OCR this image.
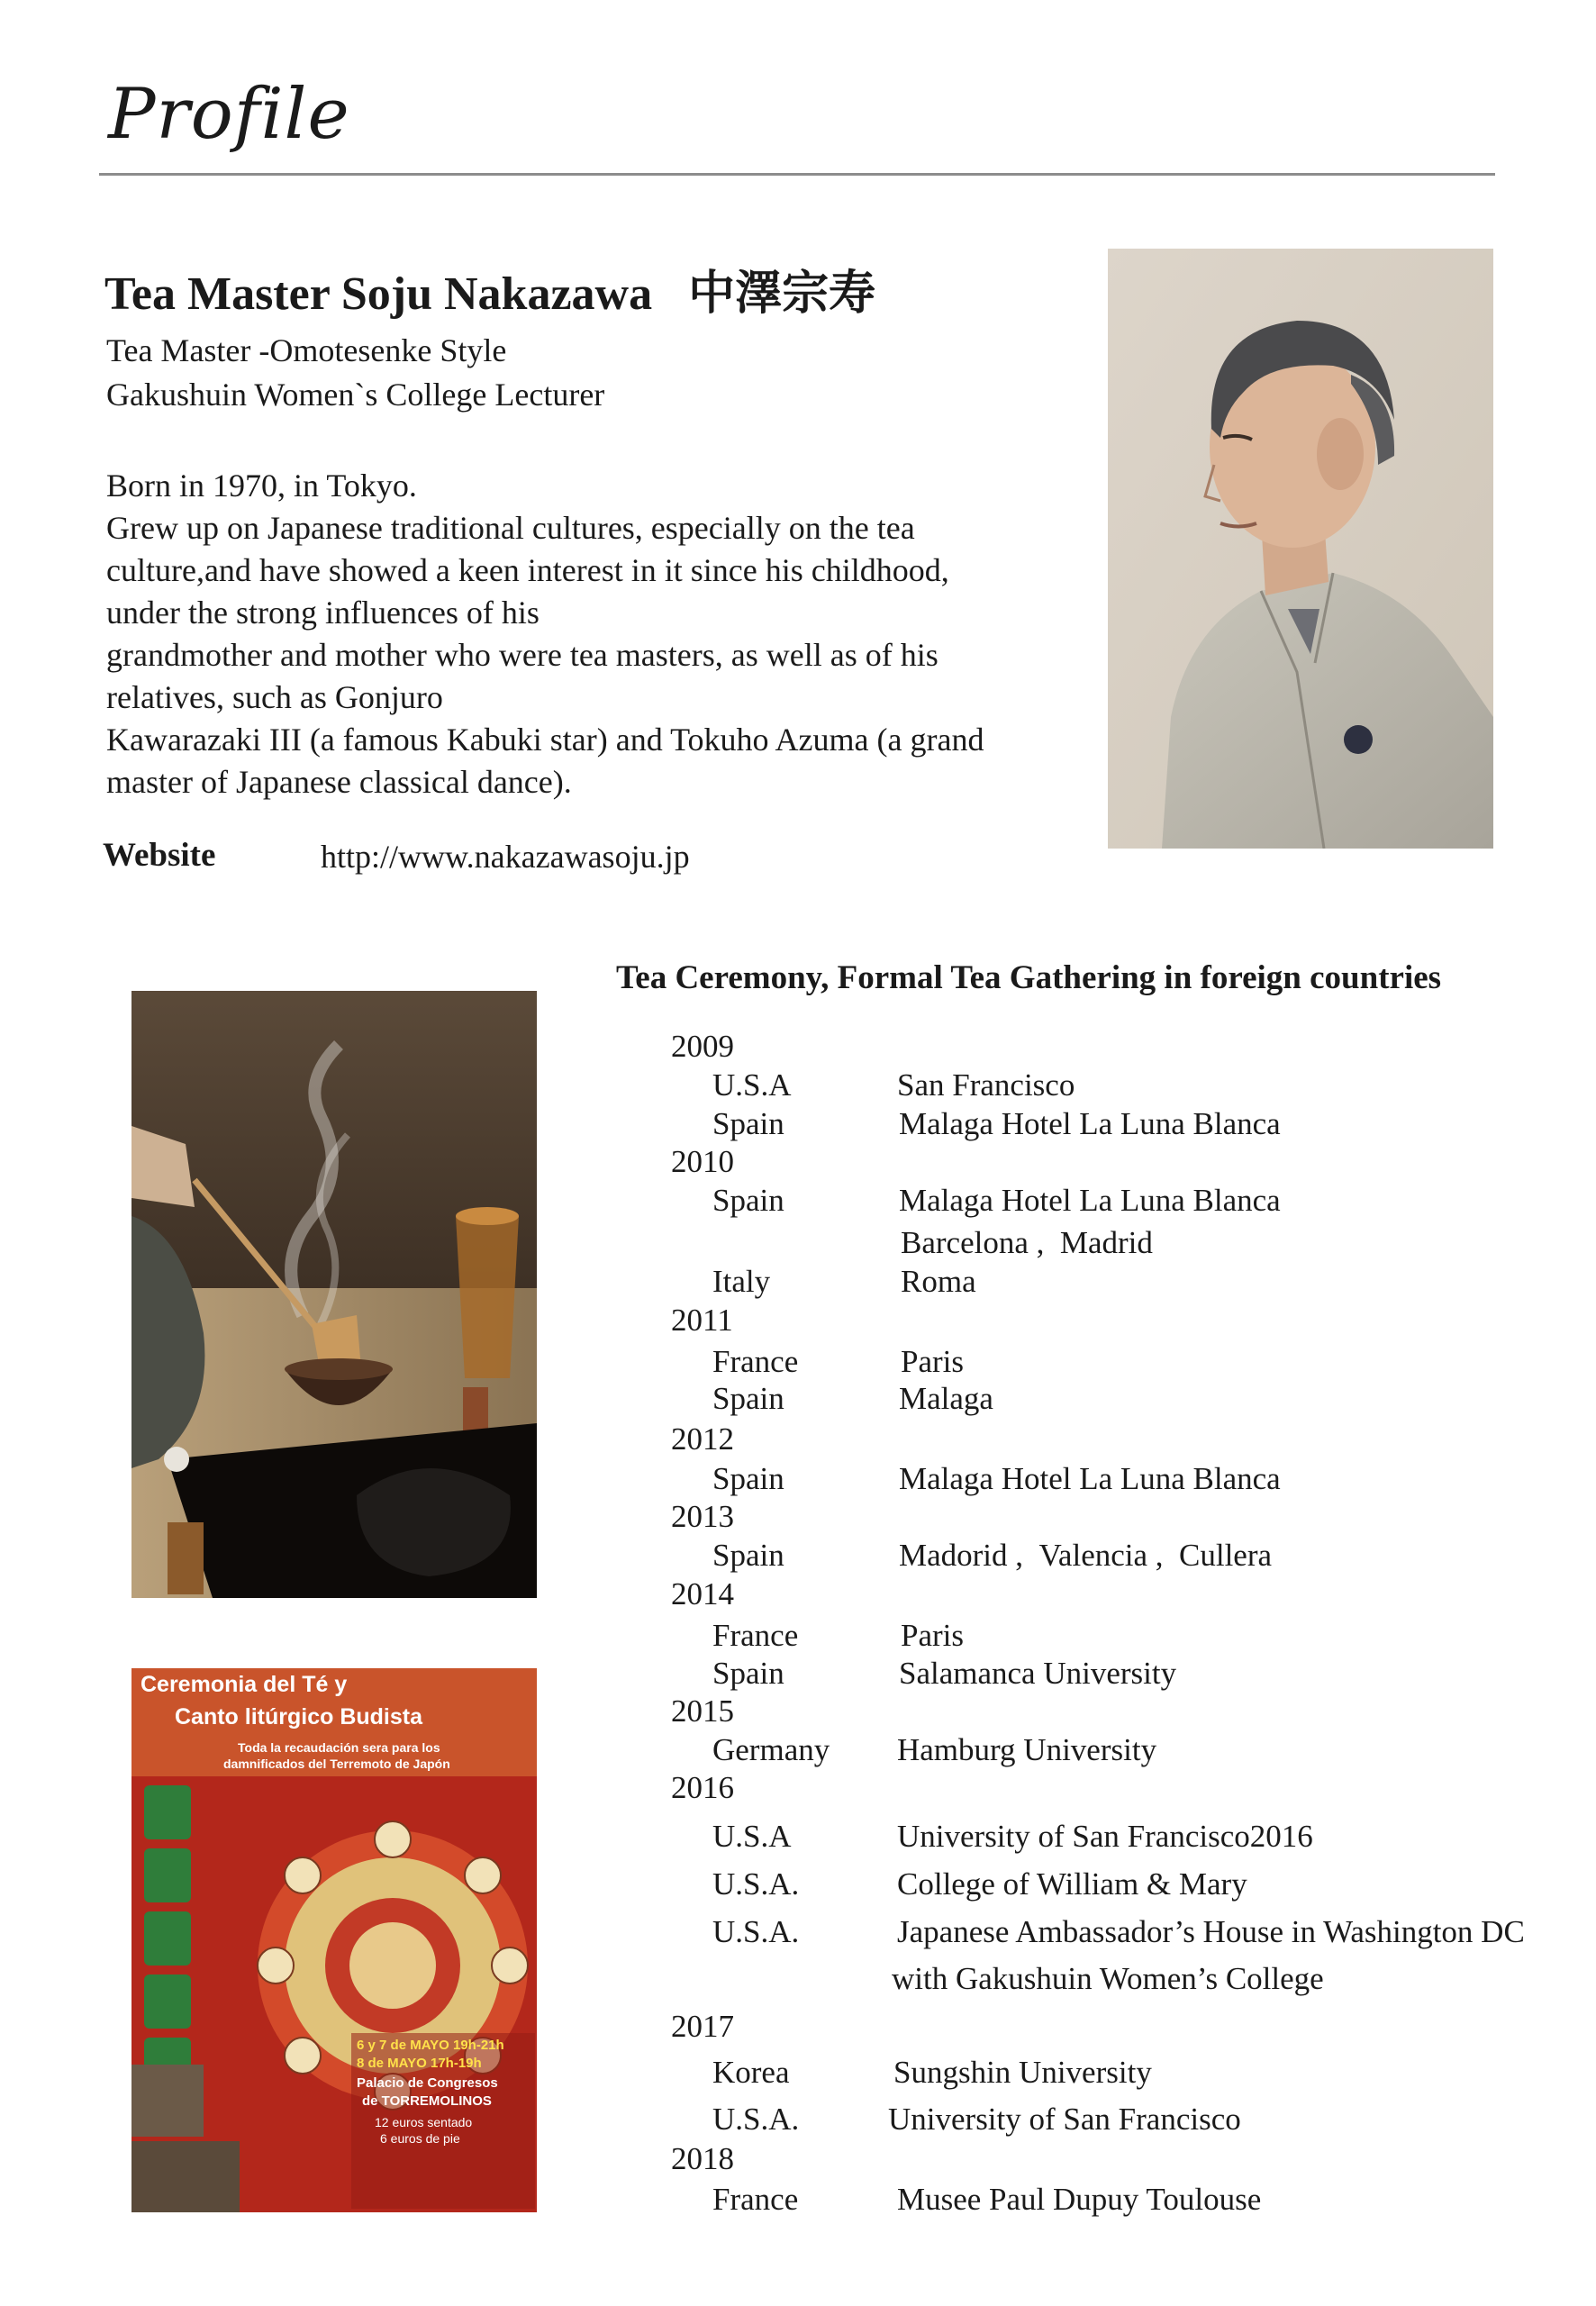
Profile
Tea Master Soju Nakazawa 中澤宗寿
Tea Master -Omotesenke Style
Gakushuin Women`s College Lecturer
Born in 1970, in Tokyo.
Grew up on Japanese traditional cultures, especially on the tea
culture,and have showed a keen interest in it since his childhood,
under the strong influences of his
grandmother and mother who were tea masters, as well as of his
relatives, such as Gonjuro
Kawarazaki III (a famous Kabuki star) and Tokuho Azuma (a grand
master of Japanese classical dance).
Website	http://www.nakazawasoju.jp
Ceremonia del Té y
Canto litúrgico Budista
Toda la recaudación sera para los
damnificados del Terremoto de Japón
6 y 7 de MAYO 19h-21h
8 de MAYO 17h-19h
Palacio de Congresos
de TORREMOLINOS
12 euros sentado
6 euros de pie
Tea Ceremony, Formal Tea Gathering in foreign countries
2009
U.S.A	San Francisco
Spain	Malaga Hotel La Luna Blanca
2010
Spain	Malaga Hotel La Luna Blanca
Barcelona ,  Madrid
Italy	Roma
2011
France	Paris
Spain	Malaga
2012
Spain	Malaga Hotel La Luna Blanca
2013
Spain	Madorid ,  Valencia ,  Cullera
2014
France	Paris
Spain	Salamanca University
2015
Germany Hamburg University
2016
U.S.A	University of San Francisco2016
U.S.A.	College of William & Mary
U.S.A.	Japanese Ambassador’s House in Washington DC
with Gakushuin Women’s College
2017
Korea	Sungshin University
U.S.A.	University of San Francisco
2018
France	Musee Paul Dupuy Toulouse
